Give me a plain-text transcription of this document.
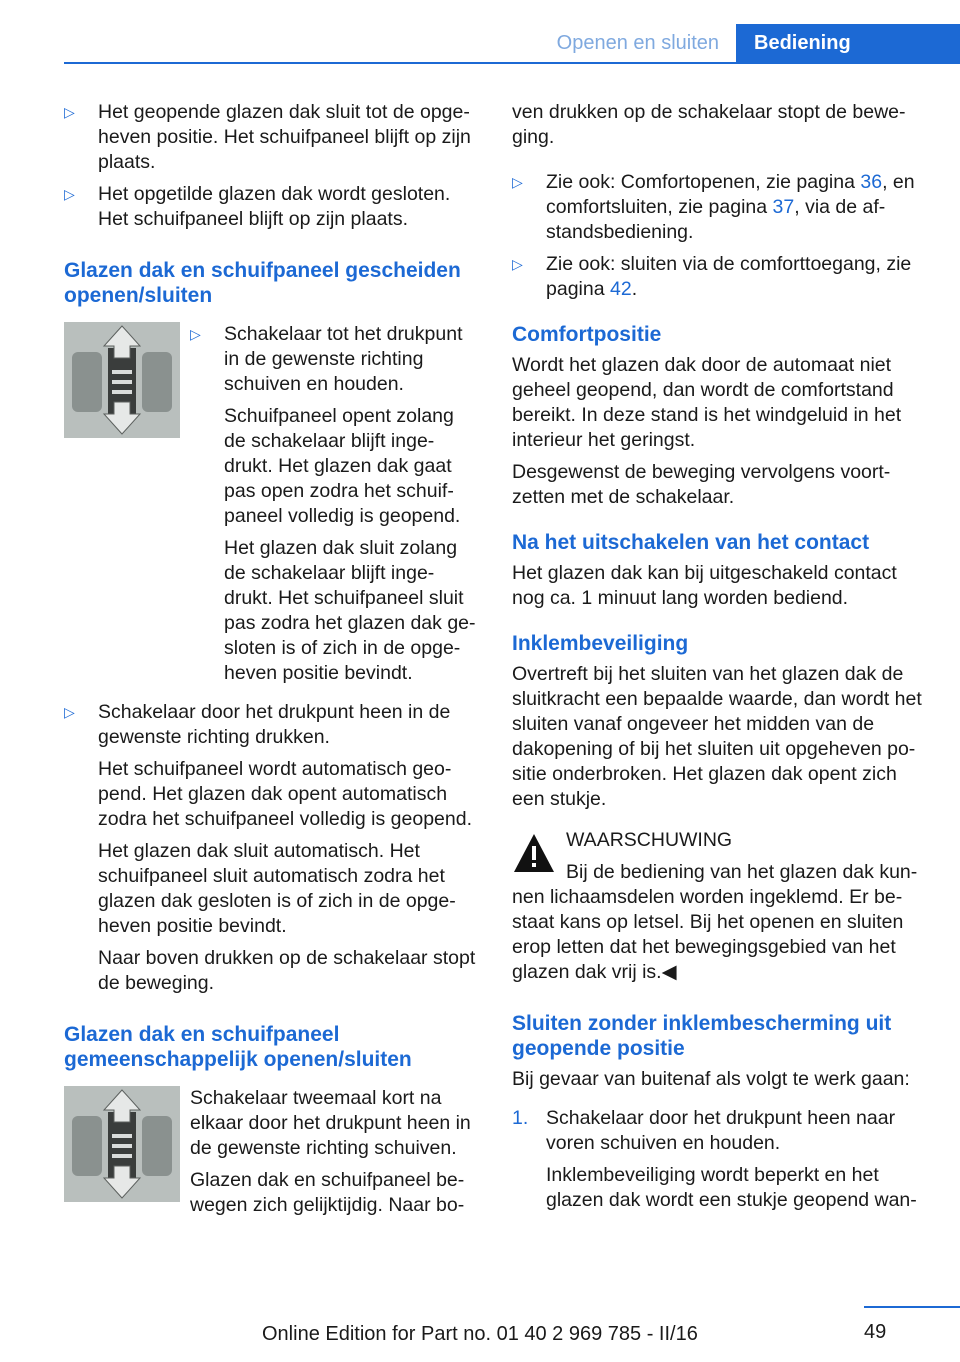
Openen en sluiten	Bediening
▷	Het geopende glazen dak sluit tot de opge-heven positie. Het schuifpaneel blijft op zijn plaats.

▷	Het opgetilde glazen dak wordt gesloten. Het schuifpaneel blijft op zijn plaats.

Glazen dak en schuifpaneel gescheiden openen/sluiten
▷	Schakelaar tot het drukpunt in de gewenste richting schuiven en houden.

Schuifpaneel opent zolang de schakelaar blijft inge-drukt. Het glazen dak gaat pas open zodra het schuif-paneel volledig is geopend.

Het glazen dak sluit zolang de schakelaar blijft inge-drukt. Het schuifpaneel sluit pas zodra het glazen dak ge-sloten is of zich in de opge-heven positie bevindt.

▷	Schakelaar door het drukpunt heen in de gewenste richting drukken.

Het schuifpaneel wordt automatisch geo-pend. Het glazen dak opent automatisch zodra het schuifpaneel volledig is geopend.

Het glazen dak sluit automatisch. Het schuifpaneel sluit automatisch zodra het glazen dak gesloten is of zich in de opge-heven positie bevindt.

Naar boven drukken op de schakelaar stopt de beweging.

Glazen dak en schuifpaneel gemeenschappelijk openen/sluiten

Schakelaar tweemaal kort na elkaar door het drukpunt heen in de gewenste richting schuiven.

Glazen dak en schuifpaneel be-wegen zich gelijktijdig. Naar bo-

ven drukken op de schakelaar stopt de bewe-ging.

▷	Zie ook: Comfortopenen, zie pagina 36, en comfortsluiten, zie pagina 37, via de af-standsbediening.

▷	Zie ook: sluiten via de comforttoegang, zie pagina 42.

Comfortpositie

Wordt het glazen dak door de automaat niet geheel geopend, dan wordt de comfortstand bereikt. In deze stand is het windgeluid in het interieur het geringst.

Desgewenst de beweging vervolgens voort-zetten met de schakelaar.

Na het uitschakelen van het contact

Het glazen dak kan bij uitgeschakeld contact nog ca. 1 minuut lang worden bediend.

Inklembeveiliging

Overtreft bij het sluiten van het glazen dak de sluitkracht een bepaalde waarde, dan wordt het sluiten vanaf ongeveer het midden van de dakopening of bij het sluiten uit opgeheven po-sitie onderbroken. Het glazen dak opent zich een stukje.

WAARSCHUWING

Bij de bediening van het glazen dak kun-nen lichaamsdelen worden ingeklemd. Er be-staat kans op letsel. Bij het openen en sluiten erop letten dat het bewegingsgebied van het glazen dak vrij is.◀

Sluiten zonder inklembescherming uit geopende positie

Bij gevaar van buitenaf als volgt te werk gaan:

1. Schakelaar door het drukpunt heen naar voren schuiven en houden.

Inklembeveiliging wordt beperkt en het glazen dak wordt een stukje geopend wan-

49
Online Edition for Part no. 01 40 2 969 785 - II/16
